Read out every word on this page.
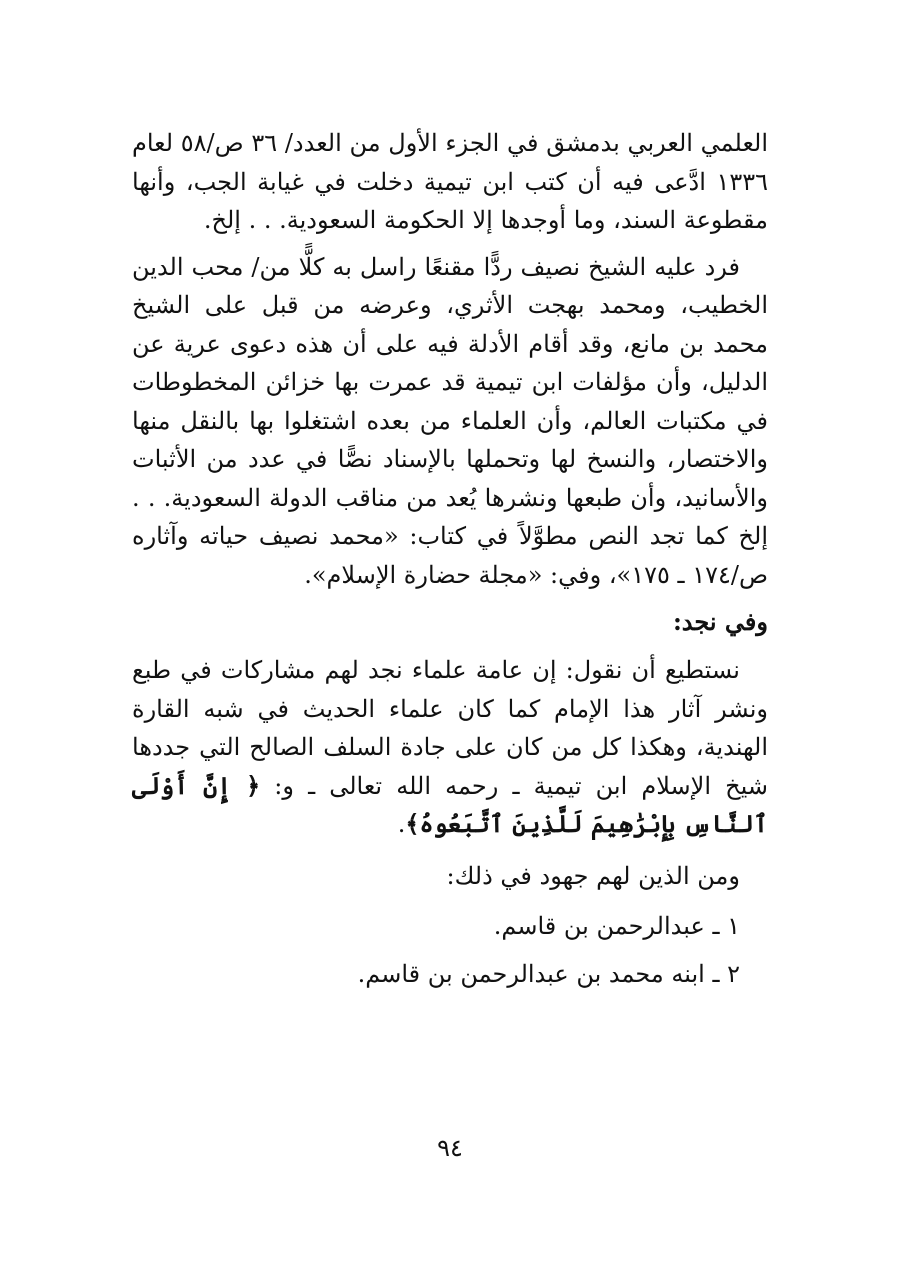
العلمي العربي بدمشق في الجزء الأول من العدد/ ٣٦ ص/٥٨ لعام ١٣٣٦ ادَّعى فيه أن كتب ابن تيمية دخلت في غيابة الجب، وأنها مقطوعة السند، وما أوجدها إلا الحكومة السعودية. . . إلخ.

فرد عليه الشيخ نصيف ردًّا مقنعًا راسل به كلًّا من/ محب الدين الخطيب، ومحمد بهجت الأثري، وعرضه من قبل على الشيخ محمد بن مانع، وقد أقام الأدلة فيه على أن هذه دعوى عرية عن الدليل، وأن مؤلفات ابن تيمية قد عمرت بها خزائن المخطوطات في مكتبات العالم، وأن العلماء من بعده اشتغلوا بها بالنقل منها والاختصار، والنسخ لها وتحملها بالإسناد نصًّا في عدد من الأثبات والأسانيد، وأن طبعها ونشرها يُعد من مناقب الدولة السعودية. . . إلخ كما تجد النص مطوَّلاً في كتاب: «محمد نصيف حياته وآثاره ص/١٧٤ ـ ١٧٥»، وفي: «مجلة حضارة الإسلام».

وفي نجد:

نستطيع أن نقول: إن عامة علماء نجد لهم مشاركات في طبع ونشر آثار هذا الإمام كما كان علماء الحديث في شبه القارة الهندية، وهكذا كل من كان على جادة السلف الصالح التي جددها شيخ الإسلام ابن تيمية ـ رحمه الله تعالى ـ و: ﴿ إِنَّ أَوْلَى ٱلنَّاسِ بِإِبْرَٰهِيمَ لَلَّذِينَ ٱتَّبَعُوهُ﴾.

ومن الذين لهم جهود في ذلك:

١ ـ عبدالرحمن بن قاسم.
٢ ـ ابنه محمد بن عبدالرحمن بن قاسم.
٩٤
